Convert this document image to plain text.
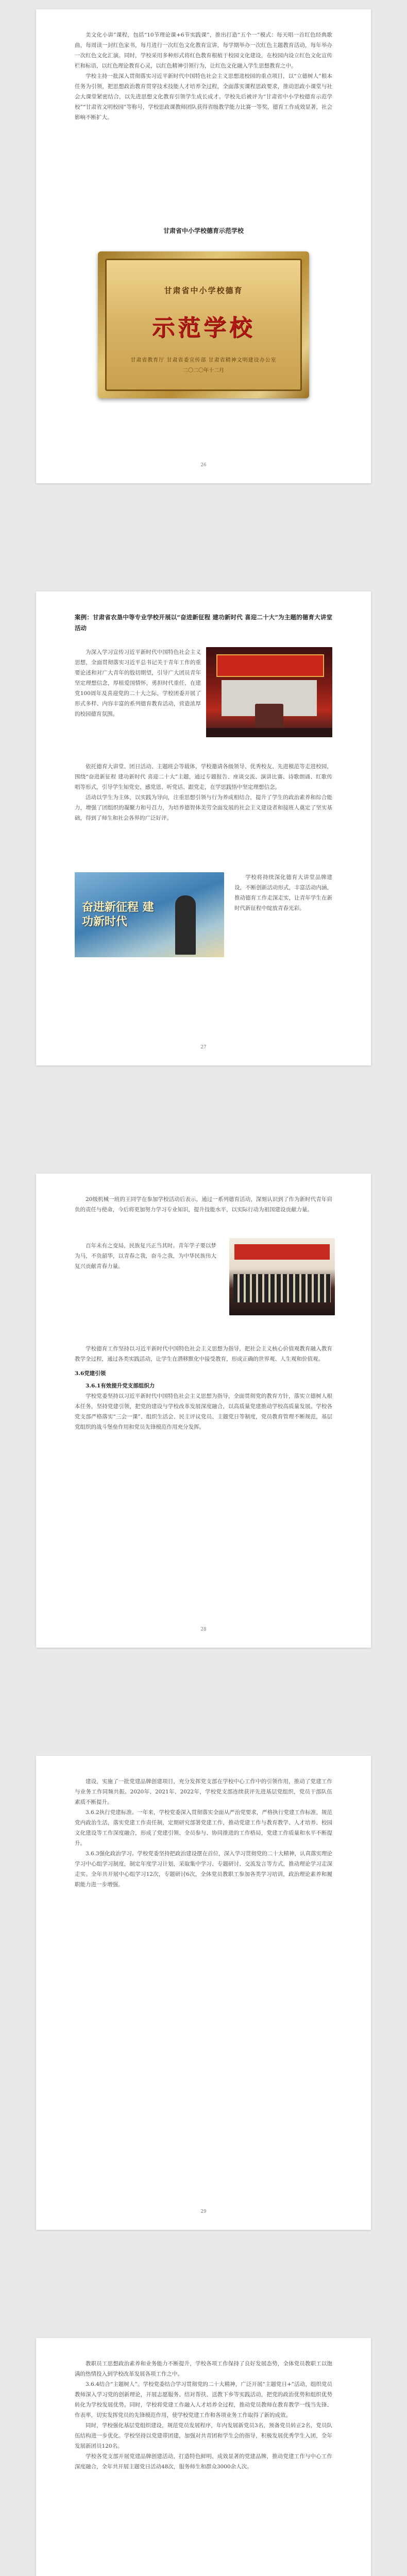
美文化小讲”课程，包括“10节理论课+6节实践课”，推出打造“五个一”模式：每天唱一首红色经典歌曲，每周读一封红色家书，每月进行一次红色文化教育宣讲，每学期举办一次红色主题教育活动，每年举办一次红色文化汇演。同时，学校采用多种形式将红色教育根植于校园文化建设，在校园内设立红色文化宣传栏和标语，以红色理论教育心灵，以红色精神引领行为，让红色文化融入学生思想教育之中。

学校主持一批深入贯彻落实习近平新时代中国特色社会主义思想进校园的重点项目，以“立德树人”根本任务为引领，把思想政治教育贯穿技术技能人才培养全过程，全面落实课程思政要求，推动思政小课堂与社会大课堂紧密结合，以先进思想文化教育引领学生成长成才。学校先后被评为“甘肃省中小学校德育示范学校”“甘肃省文明校园”等称号，学校思政课教师团队获得省级教学能力比赛一等奖，德育工作成效显著，社会影响不断扩大。

甘肃省中小学校德育示范学校
甘肃省中小学校德育
示范学校
甘肃省教育厅 甘肃省委宣传部 甘肃省精神文明建设办公室
二〇二〇年十二月
26
案例：甘肃省农垦中等专业学校开展以“奋进新征程 建功新时代 喜迎二十大”为主题的德育大讲堂活动

为深入学习宣传习近平新时代中国特色社会主义思想，全面贯彻落实习近平总书记关于青年工作的重要论述和对广大青年的殷切期望，引导广大团员青年坚定理想信念，厚植爱国情怀，勇担时代重任，在建党100周年及喜迎党的二十大之际，学校团委开展了形式多样、内容丰富的系列德育教育活动，营造浓厚的校园德育氛围。

依托德育大讲堂、团日活动、主题班会等载体，学校邀请各级领导、优秀校友、先进模范等走进校园，围绕“奋进新征程 建功新时代 喜迎二十大”主题，通过专题报告、座谈交流、演讲比赛、诗歌朗诵、红歌传唱等形式，引导学生知党史、感党恩、听党话、跟党走，在学思践悟中坚定理想信念。

活动以学生为主体，以实践为导向，注重思想引领与行为养成相结合，提升了学生的政治素养和综合能力，增强了团组织的凝聚力和号召力，为培养德智体美劳全面发展的社会主义建设者和接班人奠定了坚实基础，得到了师生和社会各界的广泛好评。

奋进新征程 建功新时代

学校将持续深化德育大讲堂品牌建设，不断创新活动形式，丰富活动内涵，推动德育工作走深走实，让青年学生在新时代新征程中绽放青春光彩。

27

20级机械一班的王同学在参加学校活动后表示，通过一系列德育活动，深刻认识到了作为新时代青年肩负的责任与使命，今后将更加努力学习专业知识，提升技能水平，以实际行动为祖国建设贡献力量。

百年未有之变局，民族复兴正当其时。青年学子要以梦为马，不负韶华，以青春之我，奋斗之我，为中华民族伟大复兴贡献青春力量。

学校德育工作坚持以习近平新时代中国特色社会主义思想为指导，把社会主义核心价值观教育融入教育教学全过程，通过各类实践活动，让学生在潜移默化中接受教育，形成正确的世界观、人生观和价值观。

3.6党建引领

3.6.1有效提升党支部组织力

学校党委坚持以习近平新时代中国特色社会主义思想为指导，全面贯彻党的教育方针，落实立德树人根本任务，坚持党建引领，把党的建设与学校改革发展深度融合，以高质量党建推动学校高质量发展。学校各党支部严格落实“三会一课”、组织生活会、民主评议党员、主题党日等制度，党员教育管理不断规范，基层党组织的战斗堡垒作用和党员先锋模范作用充分发挥。

28

建设，实施了一批党建品牌创建项目，充分发挥党支部在学校中心工作中的引领作用，推动了党建工作与业务工作同频共振。2020年、2021年、2022年，学校党支部连续获评先进基层党组织，党员干部队伍素质不断提升。

3.6.2执行党建标准。一年来，学校党委深入贯彻落实全面从严治党要求，严格执行党建工作标准，规范党内政治生活，落实党建工作责任制，定期研究部署党建工作，推动党建工作与教育教学、人才培养、校园文化建设等工作深度融合，形成了党建引领、全员参与、协同推进的工作格局，党建工作质量和水平不断提升。

3.6.3强化政治学习。学校党委坚持把政治建设摆在首位，深入学习贯彻党的二十大精神，认真落实理论学习中心组学习制度，制定年度学习计划，采取集中学习、专题研讨、交流发言等方式，推动理论学习走深走实。全年共开展中心组学习12次，专题研讨6次，全体党员教职工参加各类学习培训，政治理论素养和履职能力进一步增强。

29

教职员工思想政治素养和业务能力不断提升，学校各项工作保持了良好发展态势，全体党员教职工以饱满的热情投入到学校改革发展各项工作之中。

3.6.4结合“主题树人”。学校党委结合学习贯彻党的二十大精神，广泛开展“主题党日+”活动，组织党员教师深入学习党的创新理论，开展志愿服务、结对帮扶、送教下乡等实践活动，把党的政治优势和组织优势转化为学校发展优势。同时，学校将党建工作融入人才培养全过程，推动党员教师在教育教学一线当先锋、作表率，切实发挥党员的先锋模范作用，使学校党建工作和各项业务工作取得了新的成效。

同时，学校强化基层党组织建设，规范党员发展程序，年内发展新党员3名，预备党员转正2名，党员队伍结构进一步优化。学校坚持以党建带团建，加强对共青团和学生会的指导，积极发展优秀学生入团，全年发展新团员120名。

学校各党支部开展党建品牌创建活动，打造特色鲜明、成效显著的党建品牌，推动党建工作与中心工作深度融合，全年共开展主题党日活动48次，服务师生和群众3000余人次。
